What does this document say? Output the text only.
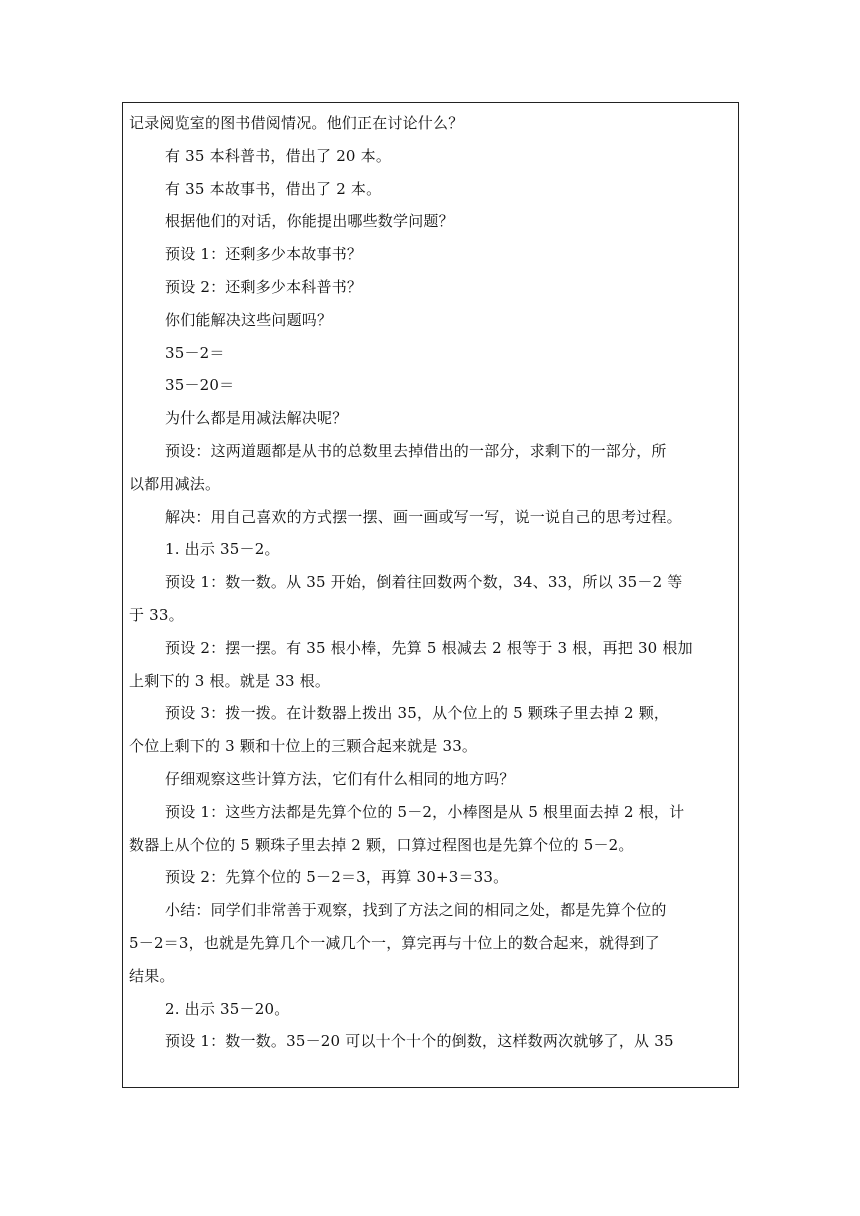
记录阅览室的图书借阅情况。他们正在讨论什么？
有 35 本科普书，借出了 20 本。
有 35 本故事书，借出了 2 本。
根据他们的对话，你能提出哪些数学问题？
预设 1：还剩多少本故事书？
预设 2：还剩多少本科普书？
你们能解决这些问题吗？
35－2＝
35－20＝
为什么都是用减法解决呢？
预设：这两道题都是从书的总数里去掉借出的一部分，求剩下的一部分，所
以都用减法。
解决：用自己喜欢的方式摆一摆、画一画或写一写，说一说自己的思考过程。
1. 出示 35－2。
预设 1：数一数。从 35 开始，倒着往回数两个数，34、33，所以 35－2 等
于 33。
预设 2：摆一摆。有 35 根小棒，先算 5 根减去 2 根等于 3 根，再把 30 根加
上剩下的 3 根。就是 33 根。
预设 3：拨一拨。在计数器上拨出 35，从个位上的 5 颗珠子里去掉 2 颗，
个位上剩下的 3 颗和十位上的三颗合起来就是 33。
仔细观察这些计算方法，它们有什么相同的地方吗？
预设 1：这些方法都是先算个位的 5－2，小棒图是从 5 根里面去掉 2 根，计
数器上从个位的 5 颗珠子里去掉 2 颗，口算过程图也是先算个位的 5－2。
预设 2：先算个位的 5－2＝3，再算 30+3＝33。
小结：同学们非常善于观察，找到了方法之间的相同之处，都是先算个位的
5－2＝3，也就是先算几个一减几个一，算完再与十位上的数合起来，就得到了
结果。
2. 出示 35－20。
预设 1：数一数。35－20 可以十个十个的倒数，这样数两次就够了，从 35
